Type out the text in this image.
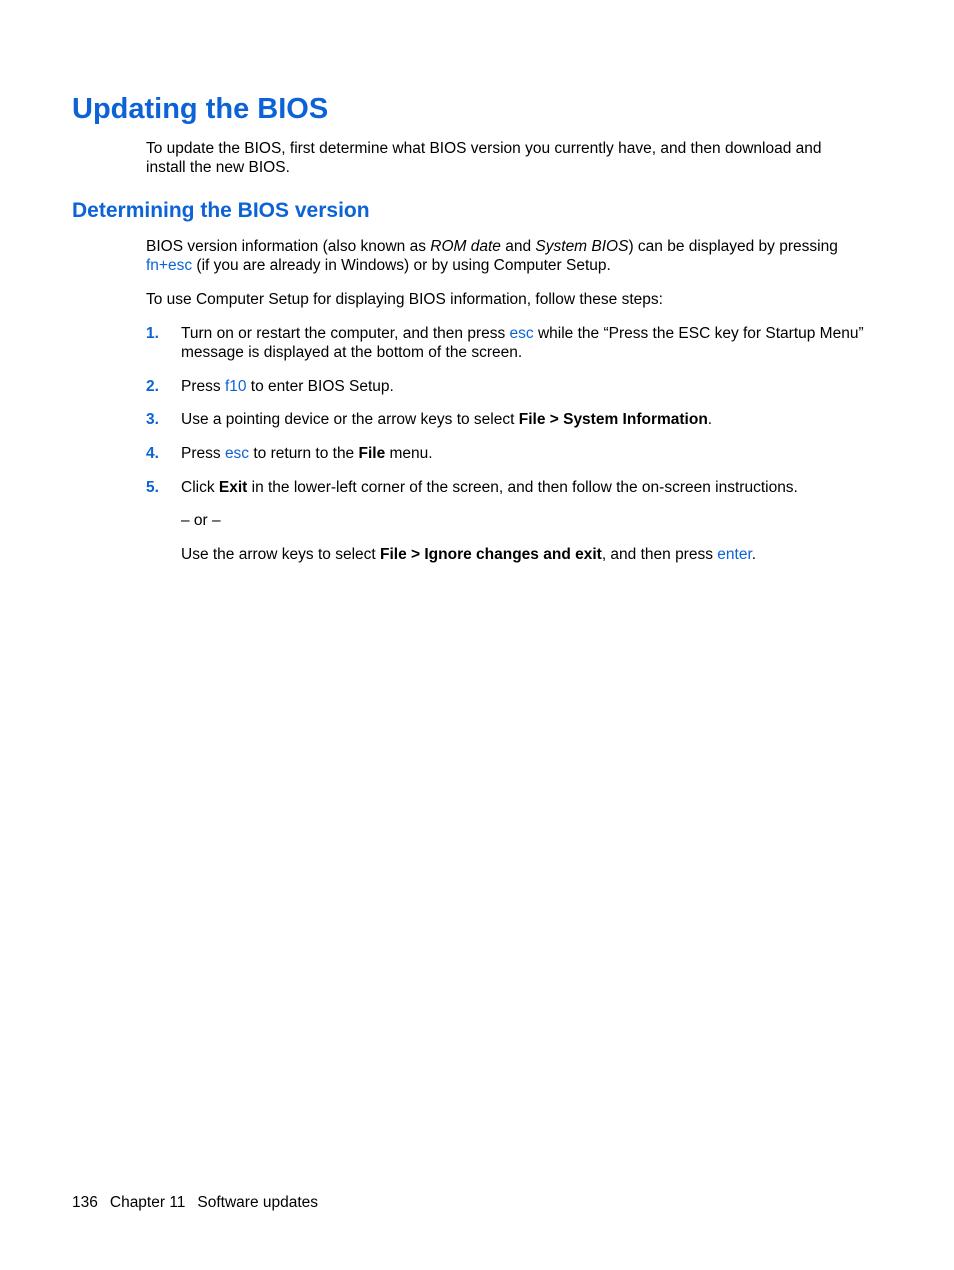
Updating the BIOS

To update the BIOS, first determine what BIOS version you currently have, and then download and
install the new BIOS.

Determining the BIOS version

BIOS version information (also known as ROM date and System BIOS) can be displayed by pressing
fn+esc (if you are already in Windows) or by using Computer Setup.

To use Computer Setup for displaying BIOS information, follow these steps:

1. Turn on or restart the computer, and then press esc while the “Press the ESC key for Startup Menu”
message is displayed at the bottom of the screen.

2. Press f10 to enter BIOS Setup.

3. Use a pointing device or the arrow keys to select File > System Information.

4. Press esc to return to the File menu.

5. Click Exit in the lower-left corner of the screen, and then follow the on-screen instructions.

– or –

Use the arrow keys to select File > Ignore changes and exit, and then press enter.

136 Chapter 11 Software updates
